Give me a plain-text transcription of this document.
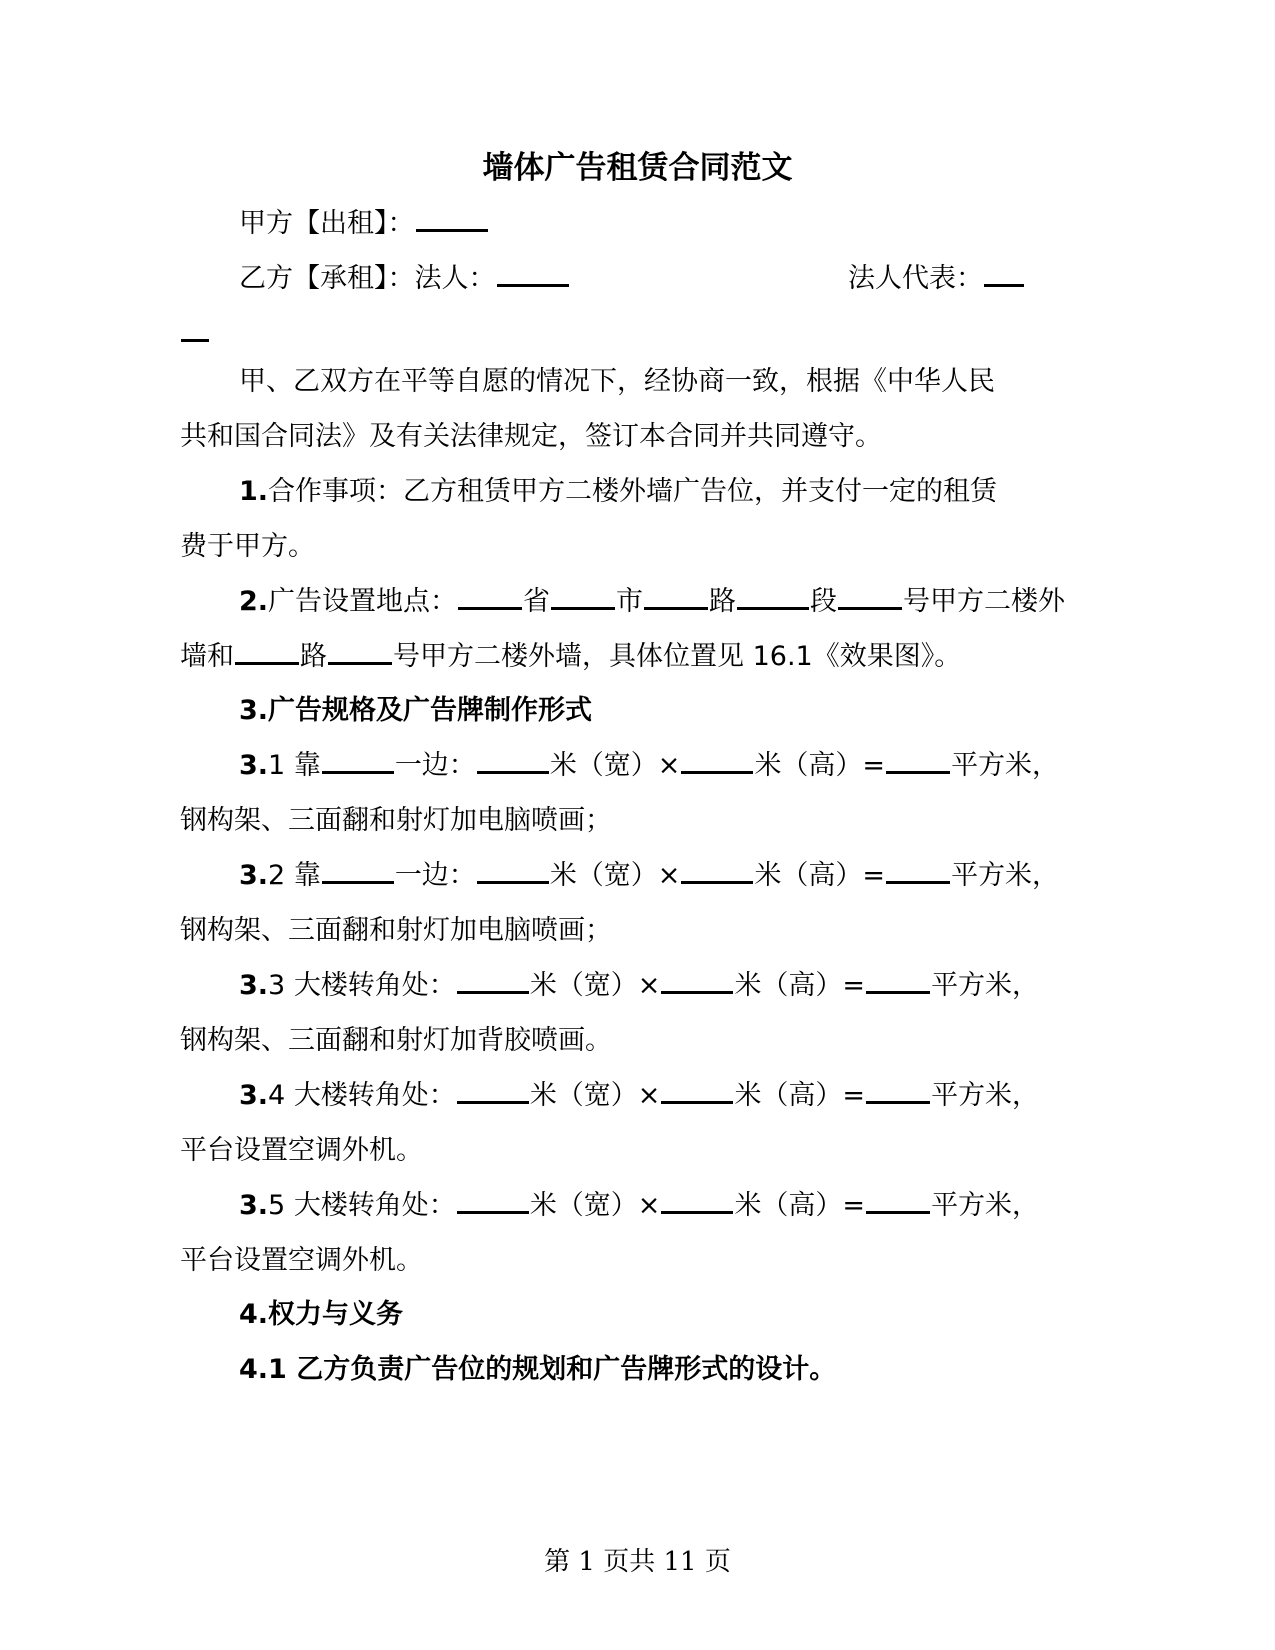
墙体广告租赁合同范文
甲方【出租】：
乙方【承租】：法人：	法人代表：
甲、乙双方在平等自愿的情况下，经协商一致，根据《中华人民
共和国合同法》及有关法律规定，签订本合同并共同遵守。
1.合作事项：乙方租赁甲方二楼外墙广告位，并支付一定的租赁
费于甲方。
2.广告设置地点： 省 市 路	段 号甲方二楼外
墙和 路 号甲方二楼外墙，具体位置见 16.1《效果图》。
3.广告规格及广告牌制作形式
3.1 靠	一边：	米（宽）×	米（高）= 平方米，
钢构架、三面翻和射灯加电脑喷画；
3.2 靠	一边：	米（宽）×	米（高）= 平方米，
钢构架、三面翻和射灯加电脑喷画；
3.3 大楼转角处：	米（宽）×	米（高）= 平方米，
钢构架、三面翻和射灯加背胶喷画。
3.4 大楼转角处：	米（宽）×	米（高）= 平方米，
平台设置空调外机。
3.5 大楼转角处：	米（宽）×	米（高）= 平方米，
平台设置空调外机。
4.权力与义务
4.1 乙方负责广告位的规划和广告牌形式的设计。
第 1 页共 11 页
